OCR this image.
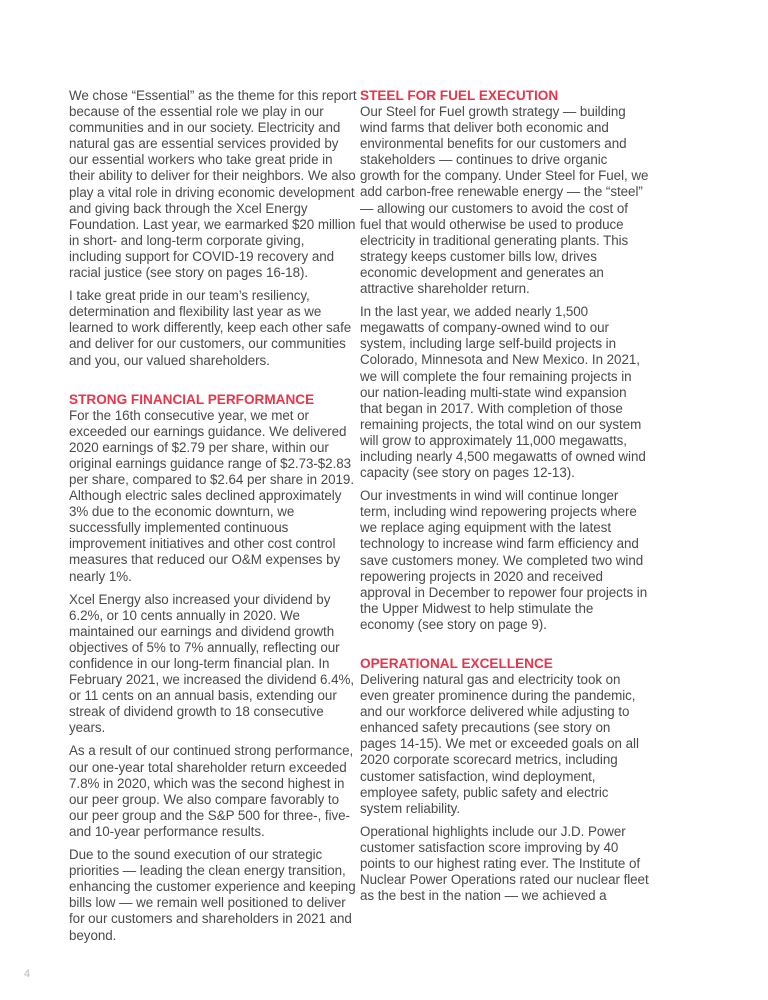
We chose “Essential” as the theme for this report because of the essential role we play in our communities and in our society. Electricity and natural gas are essential services provided by our essential workers who take great pride in their ability to deliver for their neighbors. We also play a vital role in driving economic development and giving back through the Xcel Energy Foundation. Last year, we earmarked $20 million in short- and long-term corporate giving, including support for COVID-19 recovery and racial justice (see story on pages 16-18).

I take great pride in our team’s resiliency, determination and flexibility last year as we learned to work differently, keep each other safe and deliver for our customers, our communities and you, our valued shareholders.

STRONG FINANCIAL PERFORMANCE

For the 16th consecutive year, we met or exceeded our earnings guidance. We delivered 2020 earnings of $2.79 per share, within our original earnings guidance range of $2.73-$2.83 per share, compared to $2.64 per share in 2019. Although electric sales declined approximately 3% due to the economic downturn, we successfully implemented continuous improvement initiatives and other cost control measures that reduced our O&M expenses by nearly 1%.

Xcel Energy also increased your dividend by 6.2%, or 10 cents annually in 2020. We maintained our earnings and dividend growth objectives of 5% to 7% annually, reflecting our confidence in our long-term financial plan. In February 2021, we increased the dividend 6.4%, or 11 cents on an annual basis, extending our streak of dividend growth to 18 consecutive years.

As a result of our continued strong performance, our one-year total shareholder return exceeded 7.8% in 2020, which was the second highest in our peer group. We also compare favorably to our peer group and the S&P 500 for three-, five- and 10-year performance results.

Due to the sound execution of our strategic priorities — leading the clean energy transition, enhancing the customer experience and keeping bills low — we remain well positioned to deliver for our customers and shareholders in 2021 and beyond.

STEEL FOR FUEL EXECUTION

Our Steel for Fuel growth strategy — building wind farms that deliver both economic and environmental benefits for our customers and stakeholders — continues to drive organic growth for the company. Under Steel for Fuel, we add carbon-free renewable energy — the “steel” — allowing our customers to avoid the cost of fuel that would otherwise be used to produce electricity in traditional generating plants. This strategy keeps customer bills low, drives economic development and generates an attractive shareholder return.

In the last year, we added nearly 1,500 megawatts of company-owned wind to our system, including large self-build projects in Colorado, Minnesota and New Mexico. In 2021, we will complete the four remaining projects in our nation-leading multi-state wind expansion that began in 2017. With completion of those remaining projects, the total wind on our system will grow to approximately 11,000 megawatts, including nearly 4,500 megawatts of owned wind capacity (see story on pages 12-13).

Our investments in wind will continue longer term, including wind repowering projects where we replace aging equipment with the latest technology to increase wind farm efficiency and save customers money. We completed two wind repowering projects in 2020 and received approval in December to repower four projects in the Upper Midwest to help stimulate the economy (see story on page 9).

OPERATIONAL EXCELLENCE

Delivering natural gas and electricity took on even greater prominence during the pandemic, and our workforce delivered while adjusting to enhanced safety precautions (see story on pages 14-15). We met or exceeded goals on all 2020 corporate scorecard metrics, including customer satisfaction, wind deployment, employee safety, public safety and electric system reliability.

Operational highlights include our J.D. Power customer satisfaction score improving by 40 points to our highest rating ever. The Institute of Nuclear Power Operations rated our nuclear fleet as the best in the nation — we achieved a

4
